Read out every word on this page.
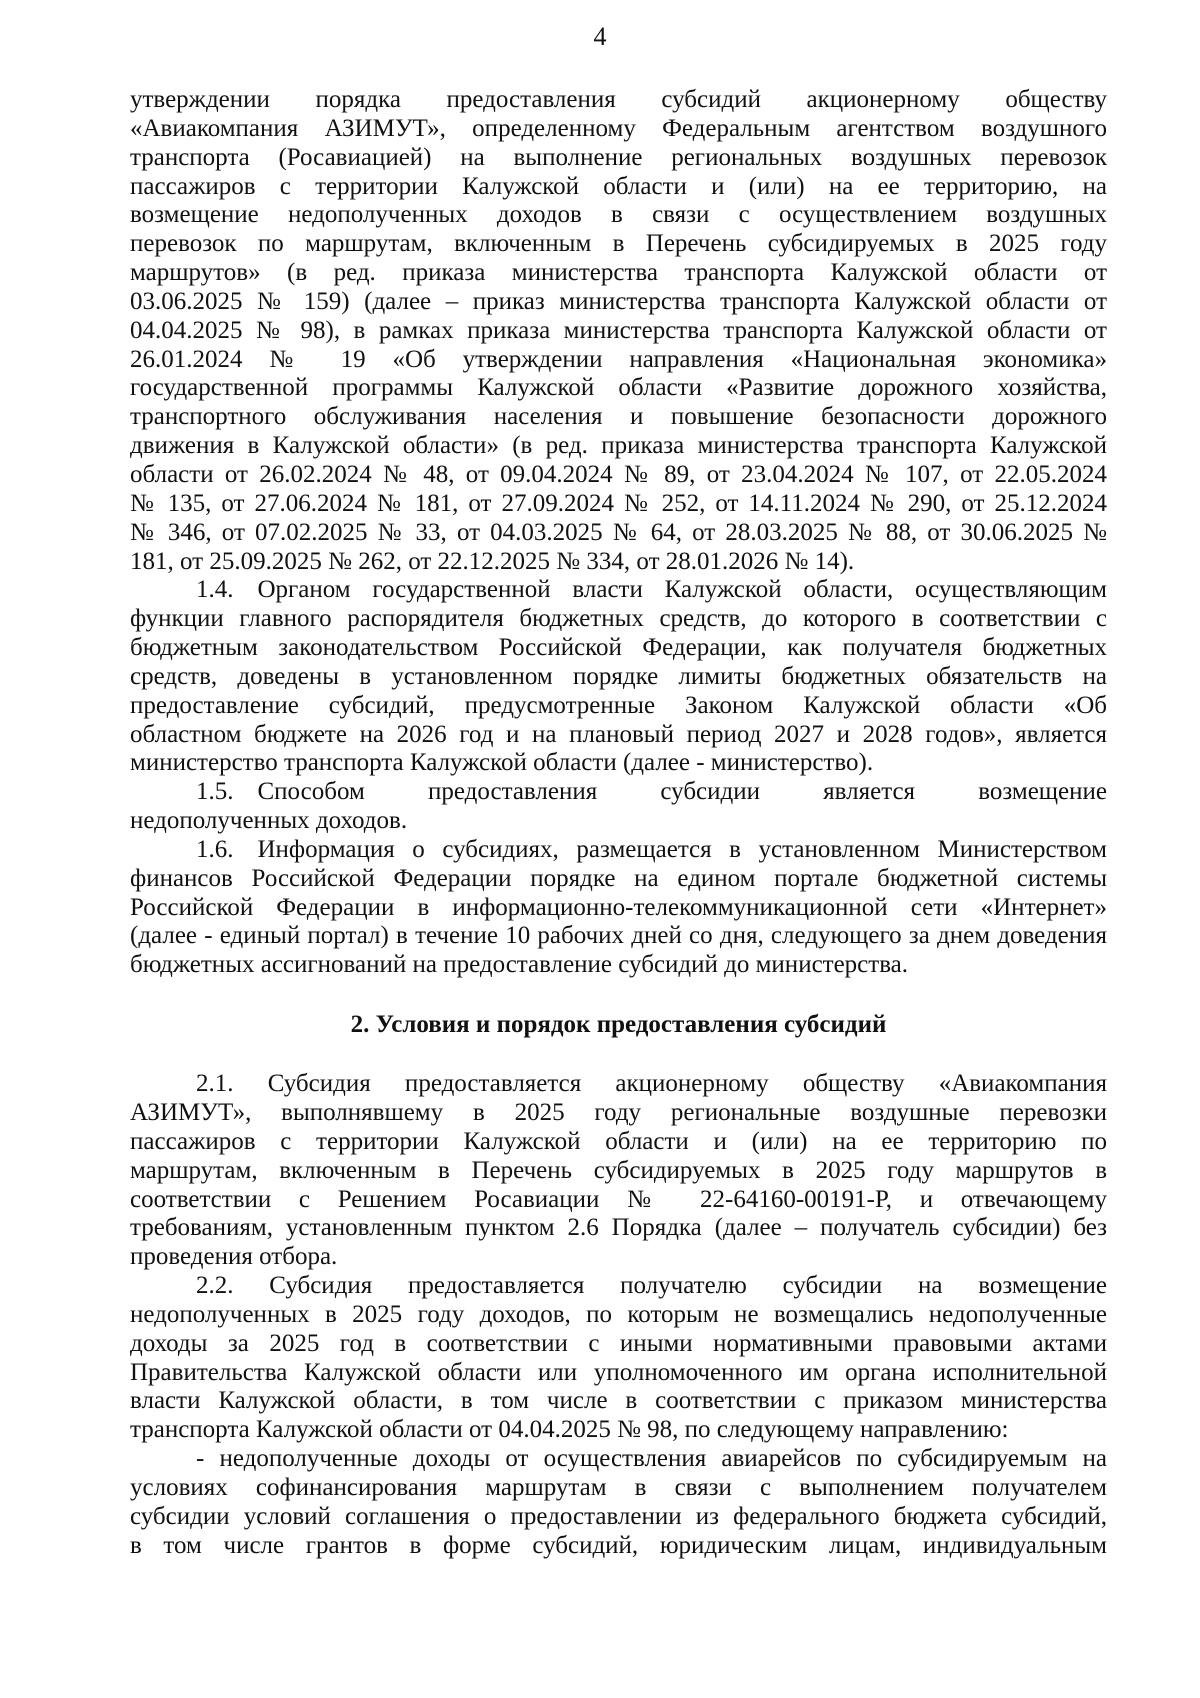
4
утверждении порядка предоставления субсидий акционерному обществу
«Авиакомпания АЗИМУТ», определенному Федеральным агентством воздушного
транспорта (Росавиацией) на выполнение региональных воздушных перевозок
пассажиров с территории Калужской области и (или) на ее территорию, на
возмещение недополученных доходов в связи с осуществлением воздушных
перевозок по маршрутам, включенным в Перечень субсидируемых в 2025 году
маршрутов» (в ред. приказа министерства транспорта Калужской области от
03.06.2025 № 159) (далее – приказ министерства транспорта Калужской области от
04.04.2025 № 98), в рамках приказа министерства транспорта Калужской области от
26.01.2024 № 19 «Об утверждении направления «Национальная экономика»
государственной программы Калужской области «Развитие дорожного хозяйства,
транспортного обслуживания населения и повышение безопасности дорожного
движения в Калужской области» (в ред. приказа министерства транспорта Калужской
области от 26.02.2024 № 48, от 09.04.2024 № 89, от 23.04.2024 № 107, от 22.05.2024
№ 135, от 27.06.2024 № 181, от 27.09.2024 № 252, от 14.11.2024 № 290, от 25.12.2024
№ 346, от 07.02.2025 № 33, от 04.03.2025 № 64, от 28.03.2025 № 88, от 30.06.2025 №
181, от 25.09.2025 № 262, от 22.12.2025 № 334, от 28.01.2026 № 14).
1.4. Органом государственной власти Калужской области, осуществляющим
функции главного распорядителя бюджетных средств, до которого в соответствии с
бюджетным законодательством Российской Федерации, как получателя бюджетных
средств, доведены в установленном порядке лимиты бюджетных обязательств на
предоставление субсидий, предусмотренные Законом Калужской области «Об
областном бюджете на 2026 год и на плановый период 2027 и 2028 годов», является
министерство транспорта Калужской области (далее - министерство).
1.5. Способом предоставления субсидии является возмещение
недополученных доходов.
1.6. Информация о субсидиях, размещается в установленном Министерством
финансов Российской Федерации порядке на едином портале бюджетной системы
Российской Федерации в информационно-телекоммуникационной сети «Интернет»
(далее - единый портал) в течение 10 рабочих дней со дня, следующего за днем доведения
бюджетных ассигнований на предоставление субсидий до министерства.
2. Условия и порядок предоставления субсидий
2.1. Субсидия предоставляется акционерному обществу «Авиакомпания
АЗИМУТ», выполнявшему в 2025 году региональные воздушные перевозки
пассажиров с территории Калужской области и (или) на ее территорию по
маршрутам, включенным в Перечень субсидируемых в 2025 году маршрутов в
соответствии с Решением Росавиации № 22-64160-00191-Р, и отвечающему
требованиям, установленным пунктом 2.6 Порядка (далее – получатель субсидии) без
проведения отбора.
2.2. Субсидия предоставляется получателю субсидии на возмещение
недополученных в 2025 году доходов, по которым не возмещались недополученные
доходы за 2025 год в соответствии с иными нормативными правовыми актами
Правительства Калужской области или уполномоченного им органа исполнительной
власти Калужской области, в том числе в соответствии с приказом министерства
транспорта Калужской области от 04.04.2025 № 98, по следующему направлению:
- недополученные доходы от осуществления авиарейсов по субсидируемым на
условиях софинансирования маршрутам в связи с выполнением получателем
субсидии условий соглашения о предоставлении из федерального бюджета субсидий,
в том числе грантов в форме субсидий, юридическим лицам, индивидуальным
